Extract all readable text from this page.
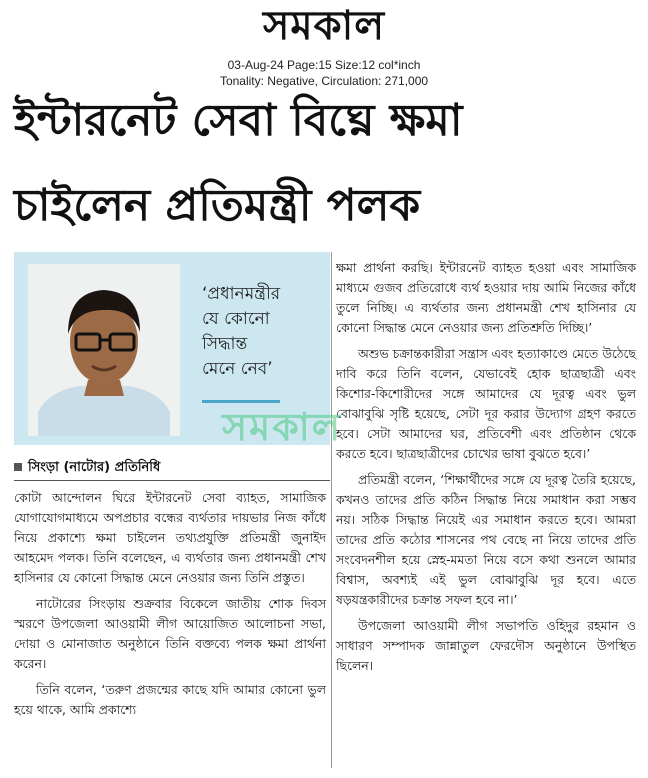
সমকাল
03-Aug-24 Page:15 Size:12 col*inch
Tonality: Negative, Circulation: 271,000
ইন্টারনেট সেবা বিঘ্নে ক্ষমা
চাইলেন প্রতিমন্ত্রী পলক
‘প্রধানমন্ত্রীর
যে কোনো
সিদ্ধান্ত
মেনে নেব’
সিংড়া (নাটোর) প্রতিনিধি

কোটা আন্দোলন ঘিরে ইন্টারনেট সেবা ব্যাহত, সামাজিক যোগাযোগমাধ্যমে অপপ্রচার বন্ধের ব্যর্থতার দায়ভার নিজ কাঁধে নিয়ে প্রকাশ্যে ক্ষমা চাইলেন তথ্যপ্রযুক্তি প্রতিমন্ত্রী জুনাইদ আহমেদ পলক। তিনি বলেছেন, এ ব্যর্থতার জন্য প্রধানমন্ত্রী শেখ হাসিনার যে কোনো সিদ্ধান্ত মেনে নেওয়ার জন্য তিনি প্রস্তুত।

নাটোরের সিংড়ায় শুক্রবার বিকেলে জাতীয় শোক দিবস স্মরণে উপজেলা আওয়ামী লীগ আয়োজিত আলোচনা সভা, দোয়া ও মোনাজাত অনুষ্ঠানে তিনি বক্তব্যে পলক ক্ষমা প্রার্থনা করেন।

তিনি বলেন, ‘তরুণ প্রজন্মের কাছে যদি আমার কোনো ভুল হয়ে থাকে, আমি প্রকাশ্যে

ক্ষমা প্রার্থনা করছি। ইন্টারনেট ব্যাহত হওয়া এবং সামাজিক মাধ্যমে গুজব প্রতিরোধে ব্যর্থ হওয়ার দায় আমি নিজের কাঁধে তুলে নিচ্ছি। এ ব্যর্থতার জন্য প্রধানমন্ত্রী শেখ হাসিনার যে কোনো সিদ্ধান্ত মেনে নেওয়ার জন্য প্রতিশ্রুতি দিচ্ছি।’

অশুভ চক্রান্তকারীরা সন্ত্রাস এবং হত্যাকাণ্ডে মেতে উঠেছে দাবি করে তিনি বলেন, যেভাবেই হোক ছাত্রছাত্রী এবং কিশোর-কিশোরীদের সঙ্গে আমাদের যে দূরত্ব এবং ভুল বোঝাবুঝি সৃষ্টি হয়েছে, সেটা দূর করার উদ্যোগ গ্রহণ করতে হবে। সেটা আমাদের ঘর, প্রতিবেশী এবং প্রতিষ্ঠান থেকে করতে হবে। ছাত্রছাত্রীদের চোখের ভাষা বুঝতে হবে।’

প্রতিমন্ত্রী বলেন, ‘শিক্ষার্থীদের সঙ্গে যে দূরত্ব তৈরি হয়েছে, কখনও তাদের প্রতি কঠিন সিদ্ধান্ত নিয়ে সমাধান করা সম্ভব নয়। সঠিক সিদ্ধান্ত নিয়েই এর সমাধান করতে হবে। আমরা তাদের প্রতি কঠোর শাসনের পথ বেছে না নিয়ে তাদের প্রতি সংবেদনশীল হয়ে স্নেহ-মমতা নিয়ে বসে কথা শুনলে আমার বিশ্বাস, অবশ্যই এই ভুল বোঝাবুঝি দূর হবে। এতে ষড়যন্ত্রকারীদের চক্রান্ত সফল হবে না।’

উপজেলা আওয়ামী লীগ সভাপতি ওহিদুর রহমান ও সাধারণ সম্পাদক জান্নাতুল ফেরদৌস অনুষ্ঠানে উপস্থিত ছিলেন।

সমকাল
